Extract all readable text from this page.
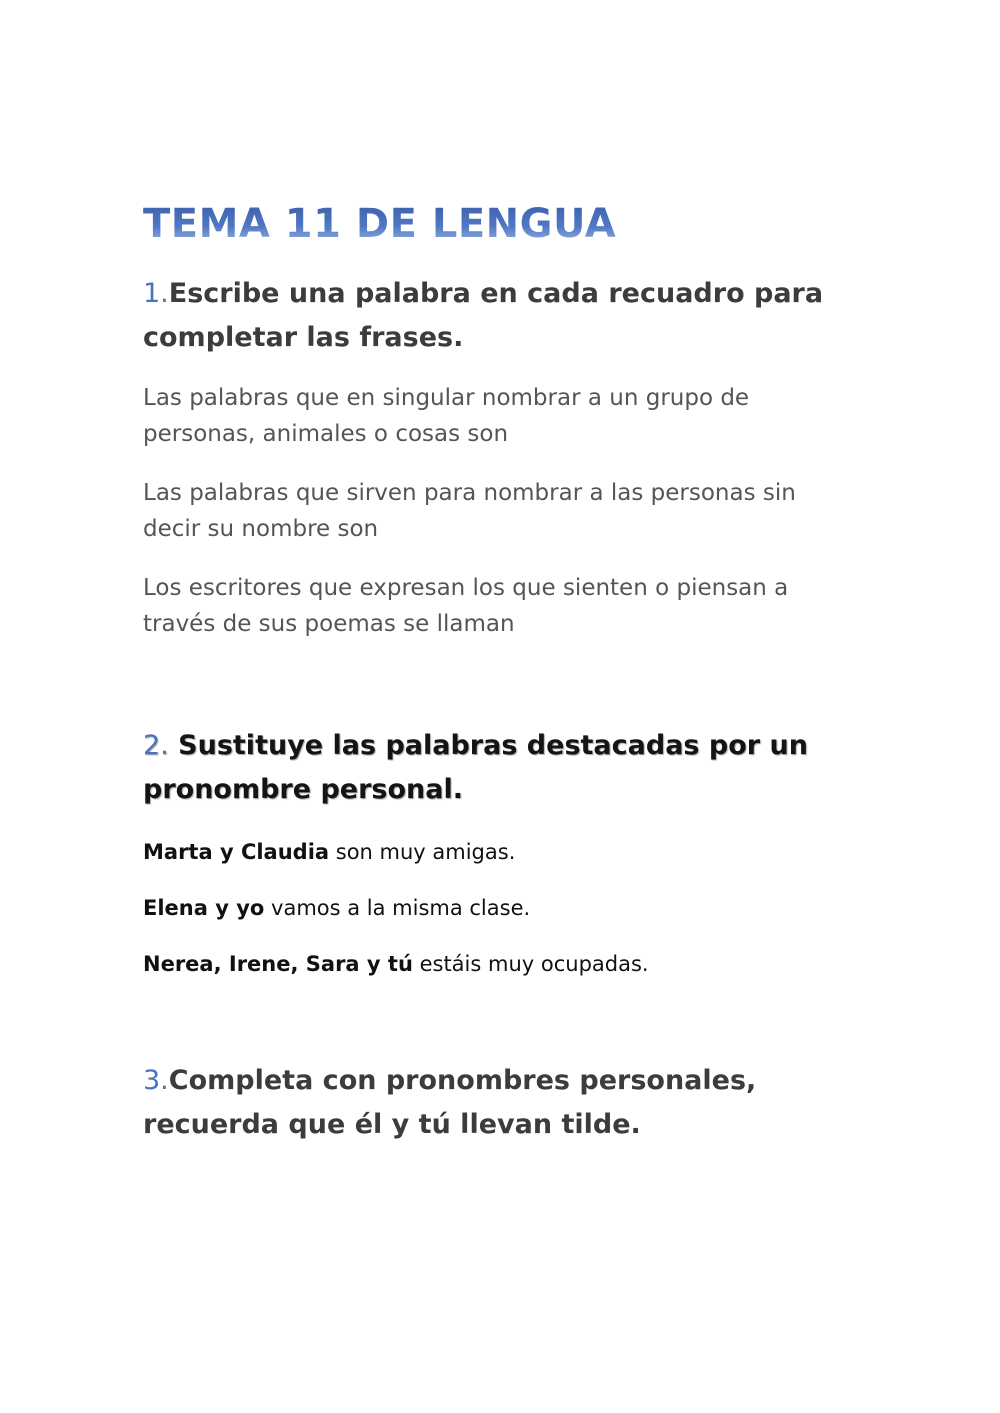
TEMA 11 DE LENGUA
1.Escribe una palabra en cada recuadro para completar las frases.

Las palabras que en singular nombrar a un grupo de personas, animales o cosas son

Las palabras que sirven para nombrar a las personas sin decir su nombre son

Los escritores que expresan los que sienten o piensan a través de sus poemas se llaman

2. Sustituye las palabras destacadas por un pronombre personal.

Marta y Claudia son muy amigas.

Elena y yo vamos a la misma clase.

Nerea, Irene, Sara y tú estáis muy ocupadas.

3.Completa con pronombres personales, recuerda que él y tú llevan tilde.
